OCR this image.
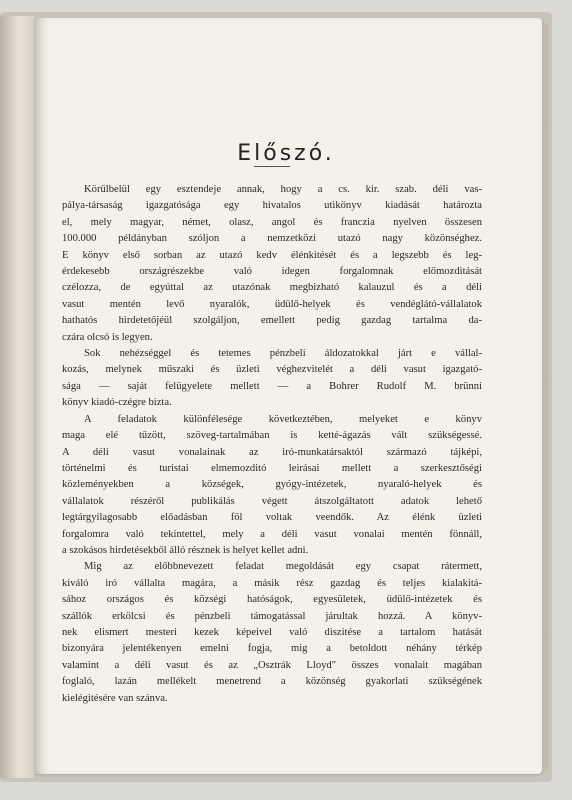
Előszó.
Körülbelül egy esztendeje annak, hogy a cs. kir. szab. déli vas-
pálya-társaság igazgatósága egy hivatalos utikönyv kiadását határozta
el, mely magyar, német, olasz, angol és franczia nyelven összesen
100.000 példányban szóljon a nemzetközi utazó nagy közönséghez.
E könyv első sorban az utazó kedv élénkitését és a legszebb és leg-
érdekesebb országrészekbe való idegen forgalomnak előmozditását
czélozza, de egyúttal az utazónak megbizható kalauzul és a déli
vasut mentén levő nyaralók, üdülő-helyek és vendéglátó-vállalatok
hathatós hirdetetőjéül szolgáljon, emellett pedig gazdag tartalma da-
czára olcsó is legyen.
Sok nehézséggel és tetemes pénzbeli áldozatokkal járt e vállal-
kozás, melynek műszaki és üzleti véghezvitelét a déli vasut igazgató-
sága — saját felügyelete mellett — a Bohrer Rudolf M. brünni
könyv kiadó-czégre bizta.
A feladatok különfélesége következtében, melyeket e könyv
maga elé tűzött, szöveg-tartalmában is ketté-ágazás vált szükségessé.
A déli vasut vonalainak az iró-munkatársaktól származó tájképi,
történelmi és turistai elmemozditó leirásai mellett a szerkesztőségi
közleményekben a községek, gyógy-intézetek, nyaraló-helyek és
vállalatok részéről publikálás végett átszolgáltatott adatok lehető
legtárgyilagosabb előadásban föl voltak veendők. Az élénk üzleti
forgalomra való tekintettel, mely a déli vasut vonalai mentén fönnáll,
a szokásos hirdetésekből álló résznek is helyet kellet adni.
Mig az előbbnevezett feladat megoldását egy csapat rátermett,
kiváló iró vállalta magára, a másik rész gazdag és teljes kialakitá-
sához országos és községi hatóságok, egyesületek, üdülő-intézetek és
szállók erkölcsi és pénzbeli támogatással járultak hozzá. A könyv-
nek elismert mesteri kezek képeivel való diszitése a tartalom hatását
bizonyára jelentékenyen emelni fogja, mig a betoldott néhány térkép
valamint a déli vasut és az „Osztrák Lloyd" összes vonalait magában
foglaló, lazán mellékelt menetrend a közönség gyakorlati szükségének
kielégitésére van szánva.
